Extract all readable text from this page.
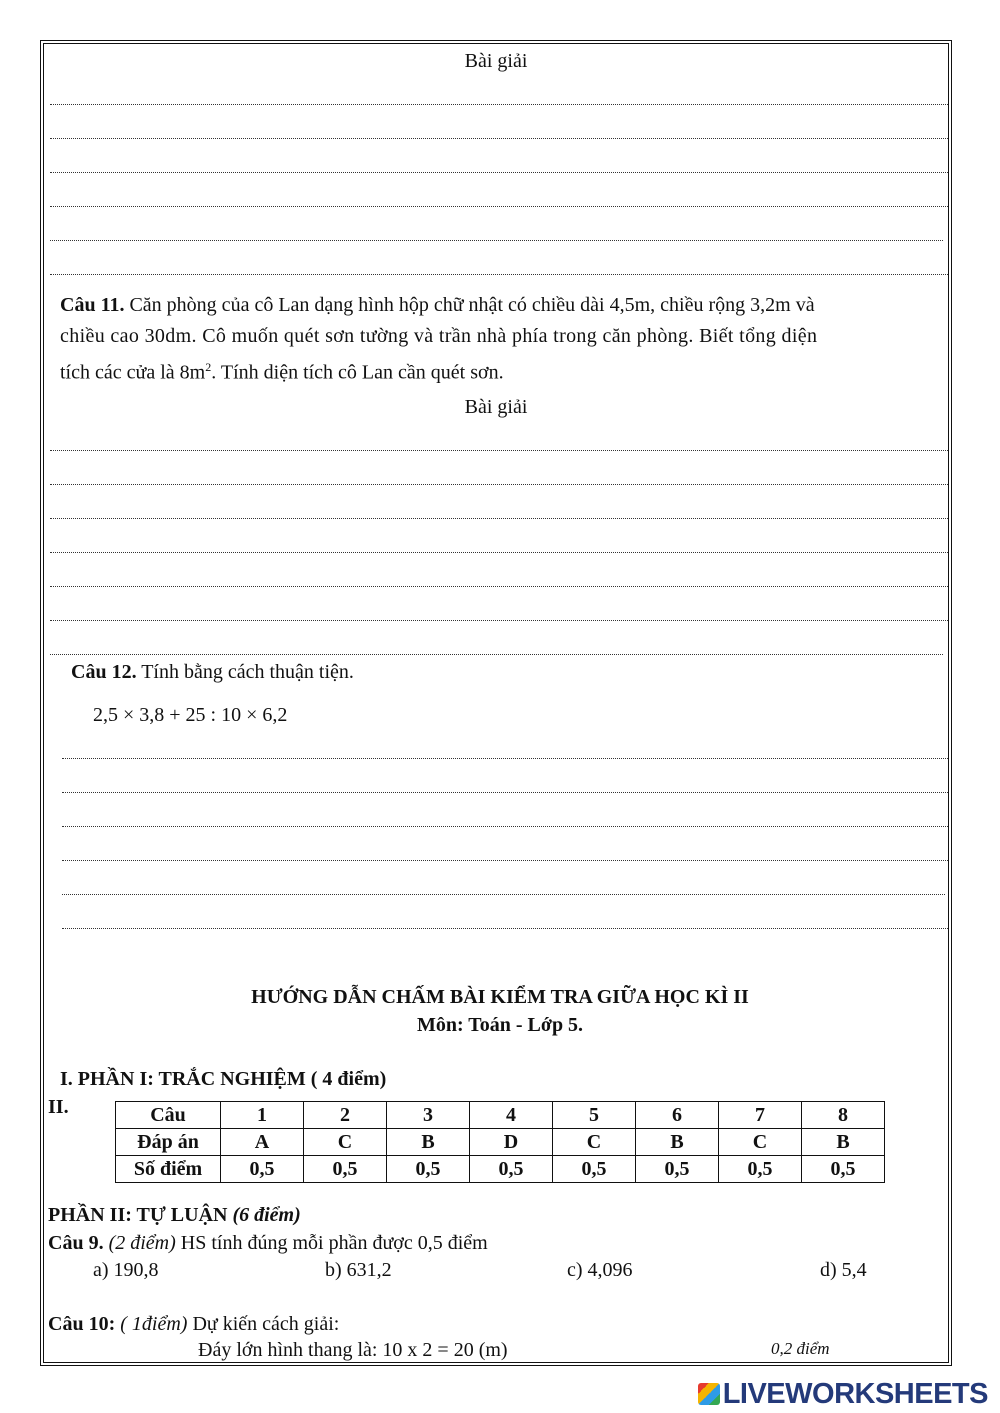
Bài giải
Câu 11. Căn phòng của cô Lan dạng hình hộp chữ nhật có chiều dài 4,5m, chiều rộng 3,2m và
chiều cao 30dm. Cô muốn quét sơn tường và trần nhà phía trong căn phòng. Biết tổng diện
tích các cửa là $8m^2$. Tính diện tích cô Lan cần quét sơn.
Bài giải
Câu 12. Tính bằng cách thuận tiện.
2,5 × 3,8 + 25 : 10 × 6,2
HƯỚNG DẪN CHẤM BÀI KIỂM TRA GIỮA HỌC KÌ II
Môn: Toán - Lớp 5.
I. PHẦN I: TRẮC NGHIỆM ( 4 điểm)
II.	Câu	1	2	3	4	5	6	7	8
Đáp án	A	C	B	D	C	B	C	B
Số điểm	0,5	0,5	0,5	0,5	0,5	0,5	0,5	0,5
PHẦN II: TỰ LUẬN (6 điểm)
Câu 9. (2 điểm) HS tính đúng mỗi phần được 0,5 điểm
a) 190,8	b) 631,2	c) 4,096	d) 5,4
Câu 10: ( 1điểm) Dự kiến cách giải:
Đáy lớn hình thang là: 10 x 2 = 20 (m)	0,2 điểm
LIVEWORKSHEETS
